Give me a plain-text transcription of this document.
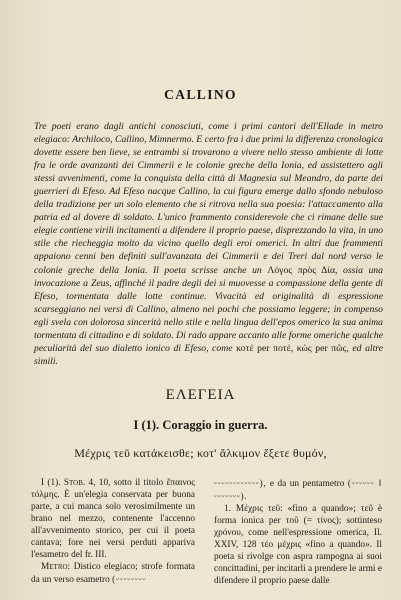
CALLINO

Tre poeti erano dagli antichi conosciuti, come i primi cantori dell'Ellade in metro elegiaco: Archiloco, Callino, Mimnermo. E certo fra i due primi la differenza cronologica dovette essere ben lieve, se entrambi si trovarono a vivere nello stesso ambiente di lotte fra le orde avanzanti dei Cimmerii e le colonie greche della Ionia, ed assistettero agli stessi avvenimenti, come la conquista della città di Magnesia sul Meandro, da parte dei guerrieri di Efeso. Ad Efeso nacque Callino, la cui figura emerge dallo sfondo nebuloso della tradizione per un solo elemento che si ritrova nella sua poesia: l'attaccamento alla patria ed al dovere di soldato. L'unico frammento considerevole che ci rimane delle sue elegie contiene virili incitamenti a difendere il proprio paese, disprezzando la vita, in uno stile che riecheggia molto da vicino quello degli eroi omerici. In altri due frammenti appaiono cenni ben definiti sull'avanzata dei Cimmerii e dei Treri dal nord verso le colonie greche della Ionia. Il poeta scrisse anche un Λόγος πρὸς Δία, ossia una invocazione a Zeus, affinché il padre degli dei si muovesse a compassione della gente di Efeso, tormentata dalle lotte continue. Vivacità ed originalità di espressione scarseggiano nei versi di Callino, almeno nei pochi che possiamo leggere; in compenso egli svela con dolorosa sincerità nello stile e nella lingua dell'epos omerico la sua anima tormentata di cittadino e di soldato. Di rado appare accanto alle forme omeriche qualche peculiarità del suo dialetto ionico di Efeso, come κοτέ per ποτέ, κώς per πῶς, ed altre simili.

ΕΛΕΓΕΙΑ
I (1). Coraggio in guerra.
Μέχρις τεῦ κατάκεισθε; κοτ' ἄλκιμον ἕξετε θυμόν,

I (1). Stob. 4, 10, sotto il titolo ἔπαινος τόλμης. È un'elegia conservata per buona parte, a cui manca solo verosimilmente un brano nel mezzo, contenente l'accenno all'avvenimento storico, per cui il poeta cantava; fore nei versi perduti appariva l'esametro del fr. III.

Metro: Distico elegiaco; strofe formata da un verso esametro (⏑⏑⏑⏑⏑⏑⏑⏑

⏑⏑⏑⏑⏑⏑⏑⏑⏑⏑⏑⏑), e da un pentametro (⏑⏑⏑⏑⏑⏑ ‖ ⏑⏑⏑⏑⏑⏑⏑).

1. Μέχρις τεῦ: «fino a quando»; τεῦ è forma ionica per τοῦ (= τίνος); sottinteso χρόνου, come nell'espressione omerica, Il. XXIV, 128 τέο μέχρις «fino a quando». Il poeta si rivolge con aspra rampogna ai suoi concittadini, per incitarli a prendere le armi e difendere il proprio paese dalle
